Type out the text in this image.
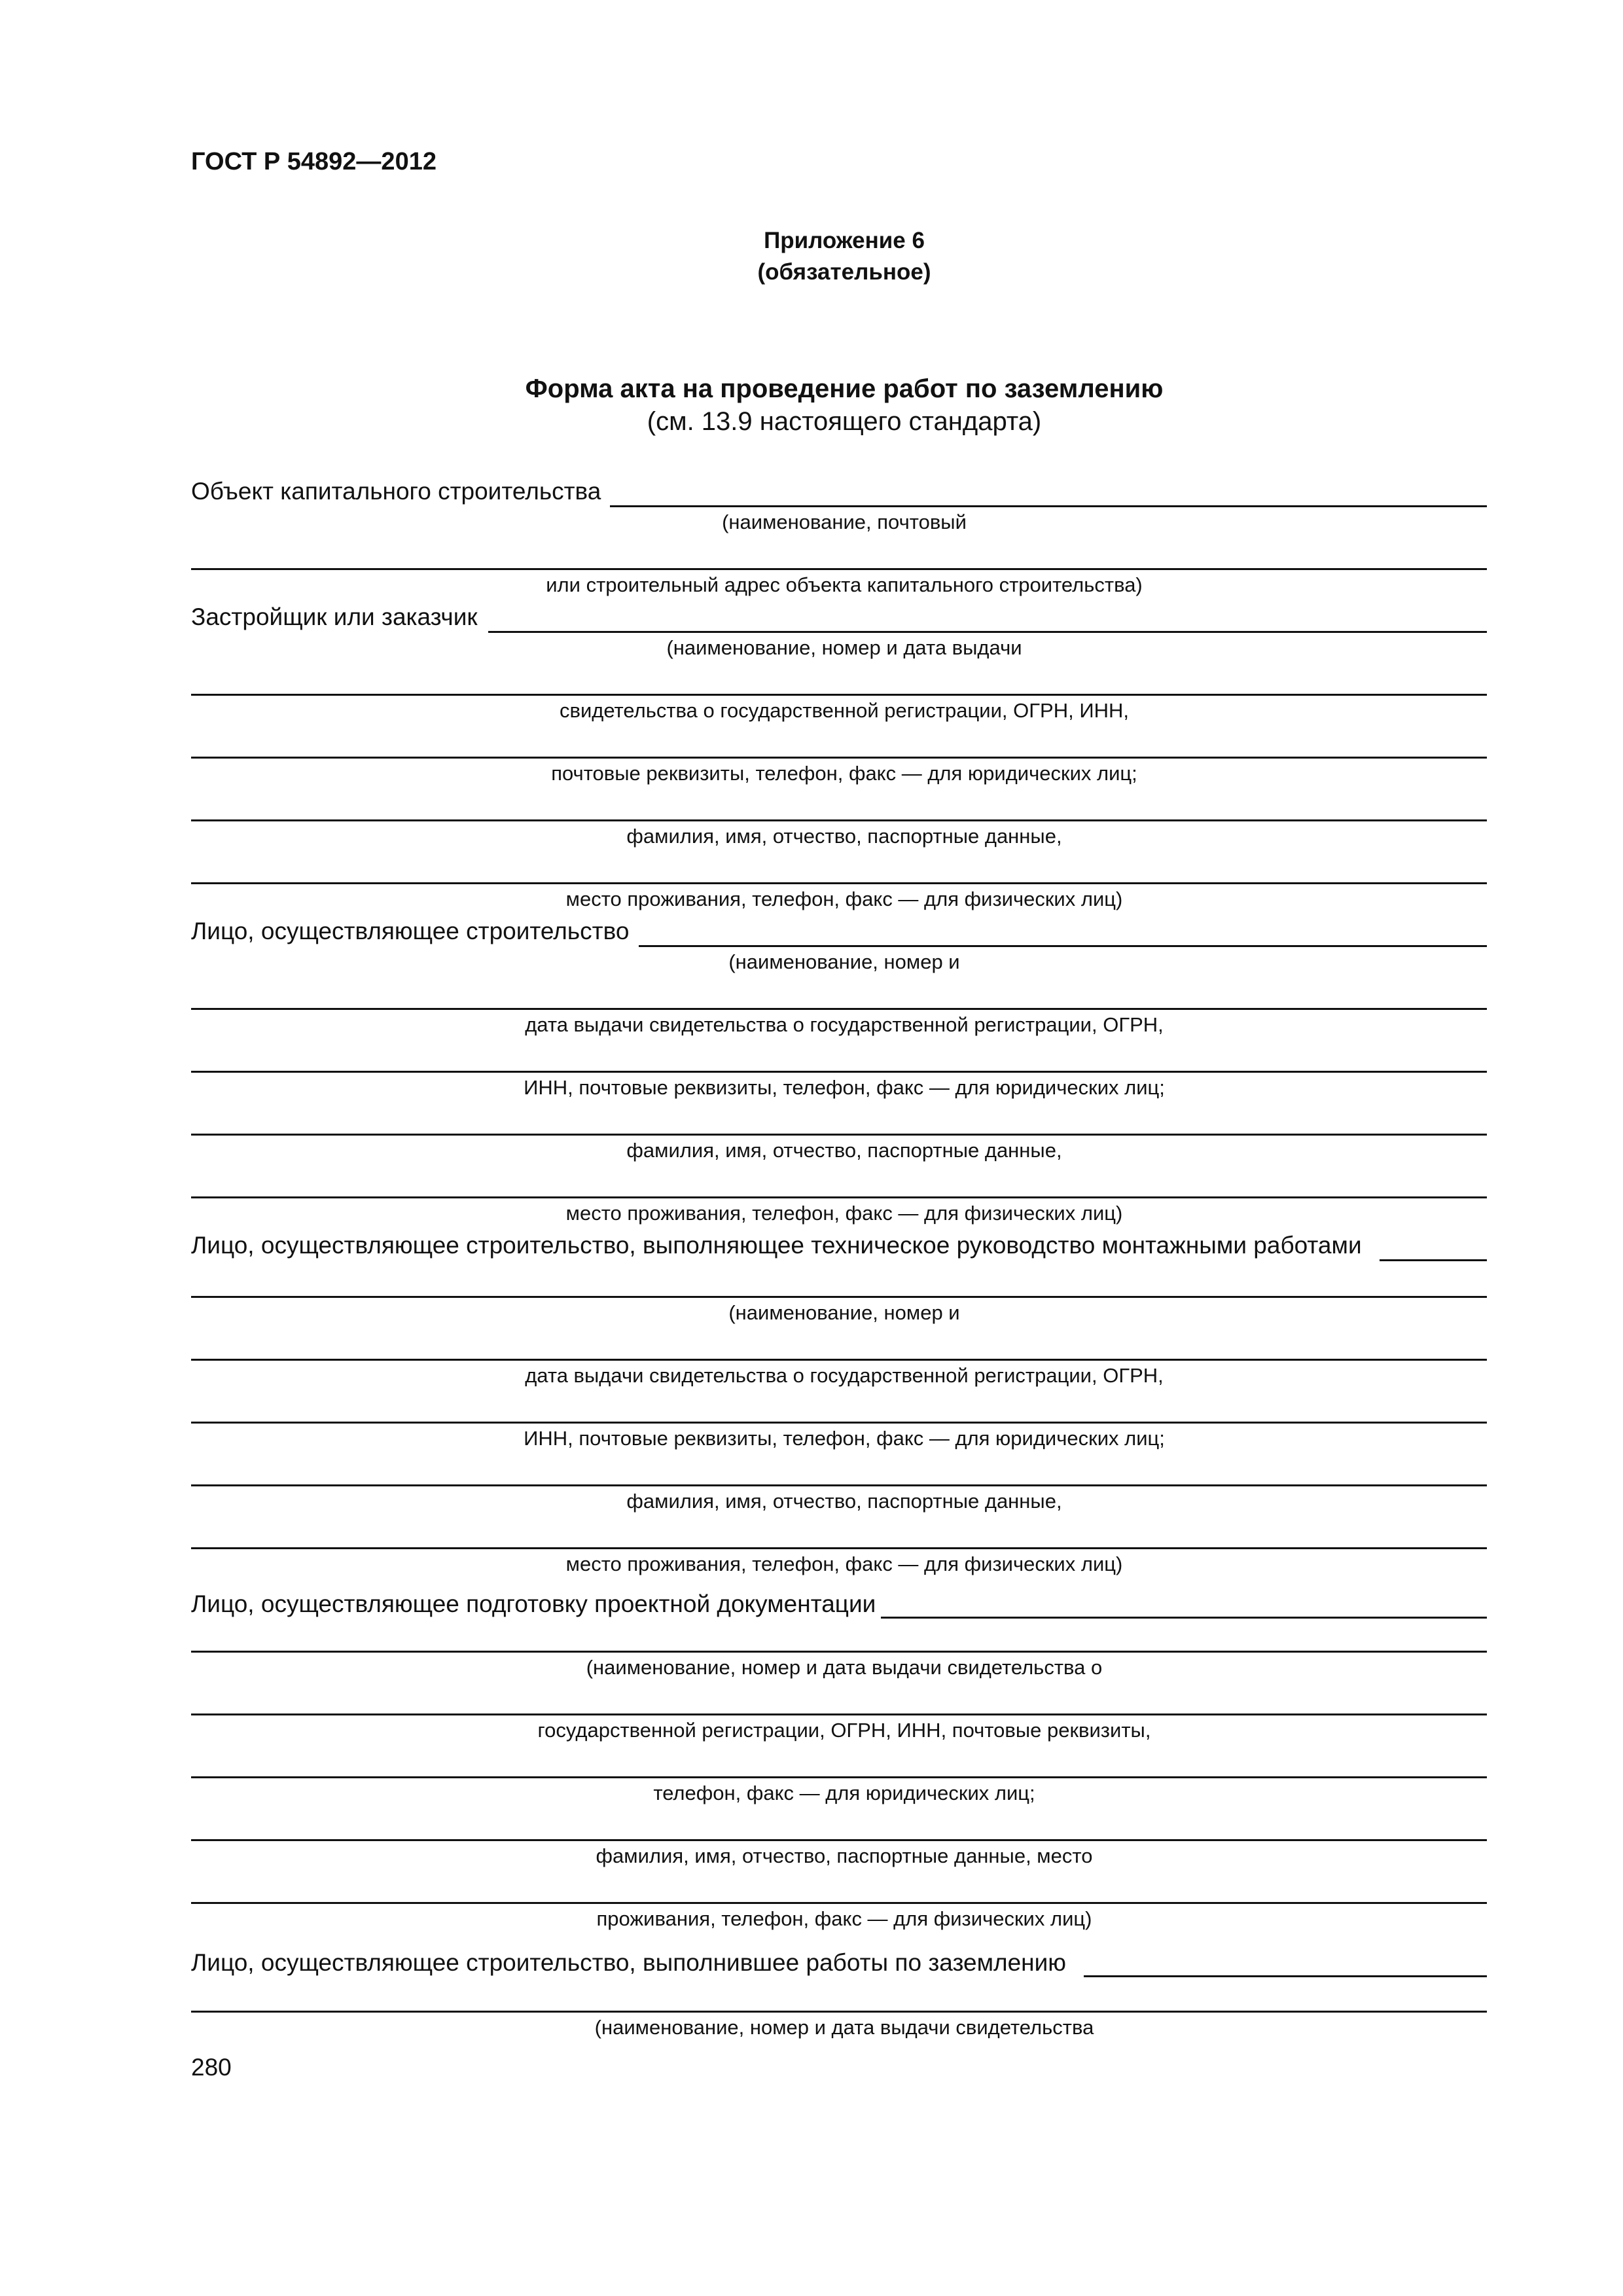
ГОСТ Р 54892—2012
Приложение 6
(обязательное)
Форма акта на проведение работ по заземлению
(см. 13.9 настоящего стандарта)
Объект капитального строительства
(наименование, почтовый
или строительный адрес объекта капитального строительства)
Застройщик или заказчик
(наименование, номер и дата выдачи
свидетельства о государственной регистрации, ОГРН, ИНН,
почтовые реквизиты, телефон, факс — для юридических лиц;
фамилия, имя, отчество, паспортные данные,
место проживания, телефон, факс — для физических лиц)
Лицо, осуществляющее строительство
(наименование, номер и
дата выдачи свидетельства о государственной регистрации, ОГРН,
ИНН, почтовые реквизиты, телефон, факс — для юридических лиц;
фамилия, имя, отчество, паспортные данные,
место проживания, телефон, факс — для физических лиц)
Лицо, осуществляющее строительство, выполняющее техническое руководство монтажными работами
(наименование, номер и
дата выдачи свидетельства о государственной регистрации, ОГРН,
ИНН, почтовые реквизиты, телефон, факс — для юридических лиц;
фамилия, имя, отчество, паспортные данные,
место проживания, телефон, факс — для физических лиц)
Лицо, осуществляющее подготовку проектной документации
(наименование, номер и дата выдачи свидетельства о
государственной регистрации, ОГРН, ИНН, почтовые реквизиты,
телефон, факс — для юридических лиц;
фамилия, имя, отчество, паспортные данные, место
проживания, телефон, факс — для физических лиц)
Лицо, осуществляющее строительство, выполнившее работы по заземлению
(наименование, номер и дата выдачи свидетельства
280
